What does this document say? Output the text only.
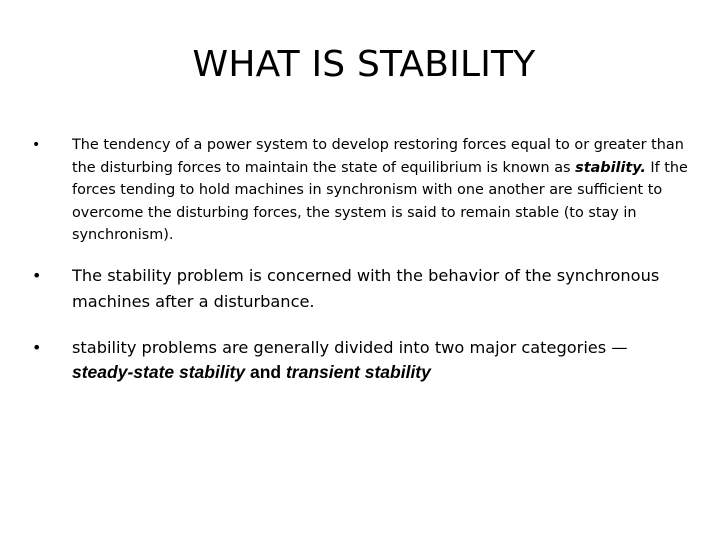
WHAT IS STABILITY
• The tendency of a power system to develop restoring forces equal to or greater than the disturbing forces to maintain the state of equilibrium is known as stability. If the forces tending to hold machines in synchronism with one another are sufficient to overcome the disturbing forces, the system is said to remain stable (to stay in synchronism).
• The stability problem is concerned with the behavior of the synchronous machines after a disturbance.
• stability problems are generally divided into two major categories —
steady-state stability and transient stability
